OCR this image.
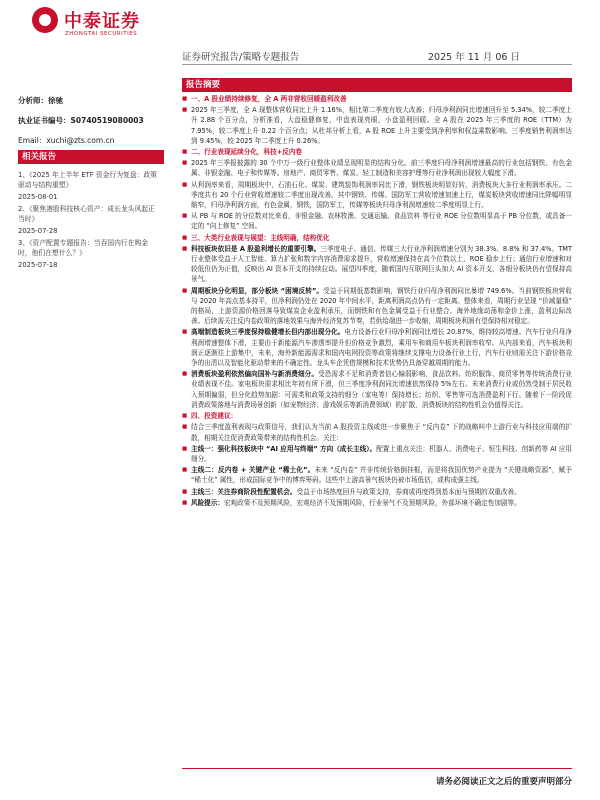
中泰证券
ZHONGTAI SECURITIES
证券研究报告/策略专题报告	2025 年 11 月 06 日
分析师：徐驰
执业证书编号：S0740519080003
Email：xuchi@zts.com.cn
相关报告
1、《2025 年上半年 ETF 资金行为复盘：政策驱动与结构重塑》
2025-08-01
2、《聚焦港股科技核心资产：成长龙头风起正当时》
2025-07-28
3、《资产配置专题报告：当吞国内行在购金时，他们在想什么？》
2025-07-18
报告摘要
■ 一、A 股业绩持续修复，全 A 两非营收回暖盈利改善
■ 2025 年三季度，全 A 现整体营收同比上升 1.16%，相比第二季度有较大改善；归母净利润同比增速回升至 5.34%，较二季度上升 2.88 个百分点，分析准看，大盘稳健修复，中盘表现亮眼，小盘盈利回暖。全 A 股在 2025 年三季度的 ROE（TTM）为 7.95%，较二季度上升 0.22 个百分点；从杜邦分析上看，A 股 ROE 上升主要受到净利率和权益乘数影响。三季度销售利润率达到 9.45%，较 2025 年二季度上升 0.26%。
■ 二、行业表现延续分化，科技+反内卷
■ 2025 年三季报披露的 30 个中万一级行业整体业绩呈现明显的结构分化。前三季度归母净利润增速最高的行业包括钢铁、有色金属、非银金融、电子和传媒等。房地产、商贸零售、煤炭、轻工制造和美容护理等行业净利润出现较大幅度下滑。
■ 从利润率来看，周期板块中，石油石化、煤炭、建筑装饰利润率同比下滑，钢铁板块明显好转，消费板块大多行业利润率承压。二季度共有 20 个行业营收增速较二季度出现改善。其中钢铁、传媒、国防军工营收增速加速上行，煤炭板块营收增速同比降幅明显缩窄，归母净利润方面，有色金属，钢铁，国防军工，传媒等板块归母净利润增速较二季度明显上行。
■ 从 PB 与 ROE 的分位数对比来看，非银金融、农林牧渔、交通运输、食品饮料 等行业 ROE 分位数明显高于 PB 分位数，或具备一定的 “向上修复” 空间。
■ 三、大类行业表现与展望：主线明确，结构优化
■ 科技板块依旧是 A 股盈利增长的重要引擎。三季度电子、通信、传媒三大行业净利润增速分别为 38.3%、8.8% 和 37.4%。TMT 行业整体受益于人工智能、算力扩张和数字内容消费需求提升，营收增速保持在高个位数以上，ROE 稳步上行；通信行业增速和对较低但仍为正值，反映出 AI 资本开支的持续拉动。展望四季度，随着国内互联网巨头加大 AI 资本开支，各细分板块仍有望保持高景气。
■ 周期板块分化明显，部分板块 “困境反转”。受益于同期低基数影响，钢铁行业归母净利润同比暴增 749.6%。当前钢铁板块营收与 2020 年高点基本持平，但净利润仍处在 2020 年中间水平，距离利润高点仍有一定距离。整体来看，周期行业呈现 “价减量稳” 的格局，上游资源价格回落导致煤炭企业盈利承压，而钢铁和有色金属受益于行业整合、海外地缘动荡和金价上涨，盈利边际改善。后续需关注反内卷政策的落地效果与海外经济复苏节奏，若供给端进一步收缩，周期板块利润有望保持相对稳定。
■ 高端制造板块三季度保持稳健增长但内部出现分化。电力设备行业归母净利润同比增长 20.87%，维持较高增速。汽车行业归母净利润增速整体下滑，主要由于新能源汽车渗透率提升但价格竞争激烈，乘用车和商用车板块利润率收窄。从内部来看，汽车板块利润正逐渐往上游集中，未来，海外新能源需求和国内电网投资等政策将继续支撑电力设备行业上行，汽车行业则需关注下游价格竞争的出清以及智能化驱动带来的不确定性。龙头车企凭借规模和技术优势仍具备穿越周期的能力。
■ 消费板块盈利依然偏向国补与新消费细分。受恐需求不足和消费者信心偏弱影响，食品饮料、纺织服饰、商贸零售等传统消费行业业绩表现不佳。家电板块需求相比年初有所下滑，但三季度净利润同比增速依然保持 5%左右。未来消费行业或仍然受制于居民收入预期偏弱，但分化趋势加剧：可需类和政策支持的细分（家电等）保持增长；纺织、零售等可选消费盈利下行。随着下一阶段促消费政策落地与消费场景创新（如宠物经济、游戏娱乐等新消费领域）的扩散，消费板块的结构性机会仍值得关注。
■ 四、投资建议：
■ 结合三季度盈利表现与政策信号，我们认为当前 A 股投资主线或进一步聚焦于 “反内卷” 下的战略叫中上游行业与科技应用端的扩散，相期关注促消费政策带来的结构性机会。关注：
■ 主线一：强化科技板块中 “AI 应用与终端” 方向（成长主线）。配置上重点关注：机器人、消费电子、恒生科技、创新药等 AI 应用细分。
■ 主线二：反内卷 + 关键产业 “稀土化”。未来 “反内卷” 并非传统价格倒挂框，而是将我国优势产业提为 “关键战略资源”，赋予 “稀土化” 属性，形成国际竞争中的博弈筹码。这些中上游高景气板块仍被市场低估，或构成强主线。
■ 主线三：关注券商阶段性配置机会。受益于市场热度回升与政策支持，券商或再度得到基本面与预期的双重改善。
■ 风险提示：宏观政策不及预期风险，宏观经济不及预期风险，行业景气不及预期风险，外部环境不确定性加剧等。
请务必阅读正文之后的重要声明部分
